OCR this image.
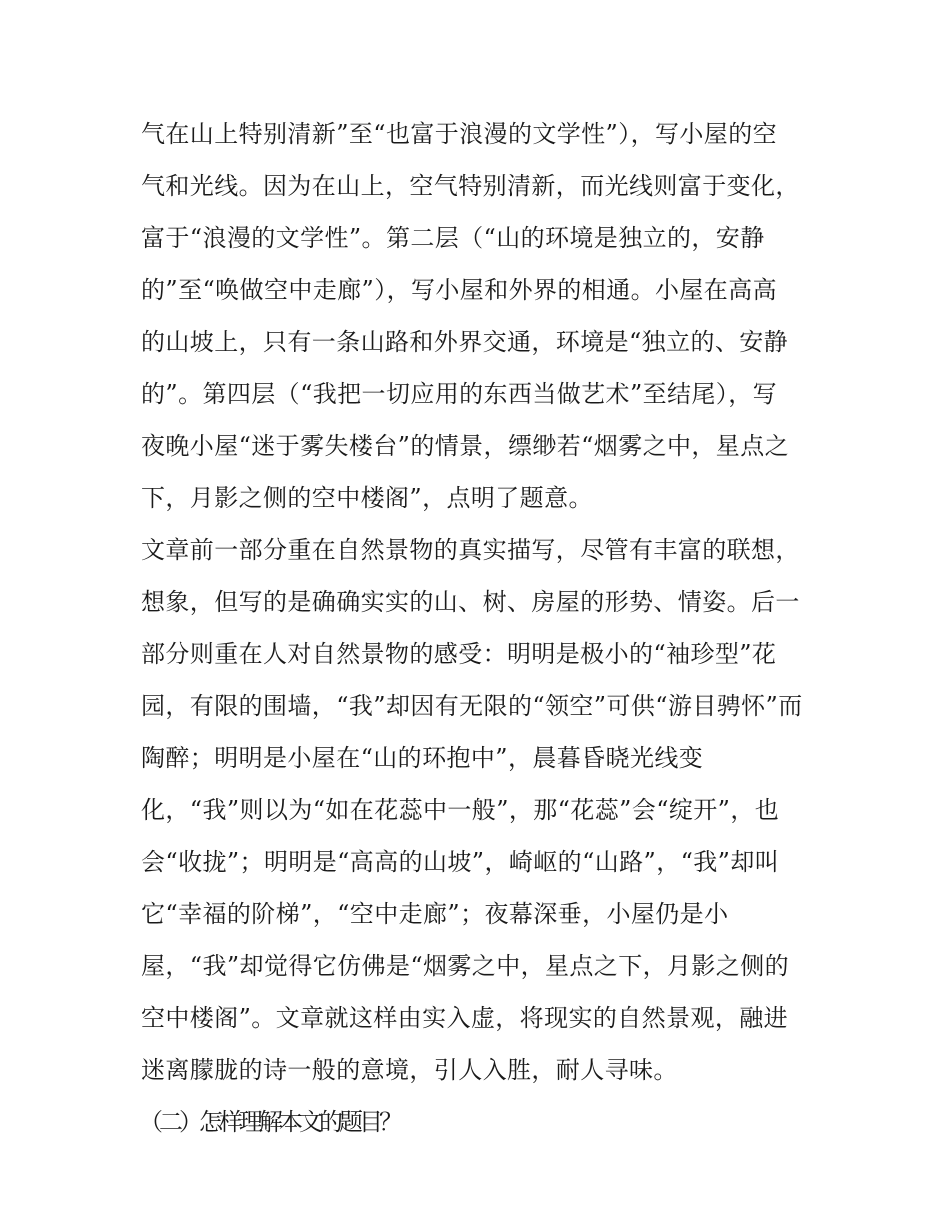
气在山上特别清新”至“也富于浪漫的文学性”），写小屋的空
气和光线。因为在山上，空气特别清新，而光线则富于变化，
富于“浪漫的文学性”。第二层（“山的环境是独立的，安静
的”至“唤做空中走廊”），写小屋和外界的相通。小屋在高高
的山坡上，只有一条山路和外界交通，环境是“独立的、安静
的”。第四层（“我把一切应用的东西当做艺术”至结尾），写
夜晚小屋“迷于雾失楼台”的情景，缥缈若“烟雾之中，星点之
下，月影之侧的空中楼阁”，点明了题意。
文章前一部分重在自然景物的真实描写，尽管有丰富的联想，
想象，但写的是确确实实的山、树、房屋的形势、情姿。后一
部分则重在人对自然景物的感受：明明是极小的“袖珍型”花
园，有限的围墙，“我”却因有无限的“领空”可供“游目骋怀”而
陶醉；明明是小屋在“山的环抱中”，晨暮昏晓光线变
化，“我”则以为“如在花蕊中一般”，那“花蕊”会“绽开”，也
会“收拢”；明明是“高高的山坡”，崎岖的“山路”，“我”却叫
它“幸福的阶梯”，“空中走廊”；夜幕深垂，小屋仍是小
屋，“我”却觉得它仿佛是“烟雾之中，星点之下，月影之侧的
空中楼阁”。文章就这样由实入虚，将现实的自然景观，融进
迷离朦胧的诗一般的意境，引人入胜，耐人寻味。
（二）怎样理解本文的题目？
